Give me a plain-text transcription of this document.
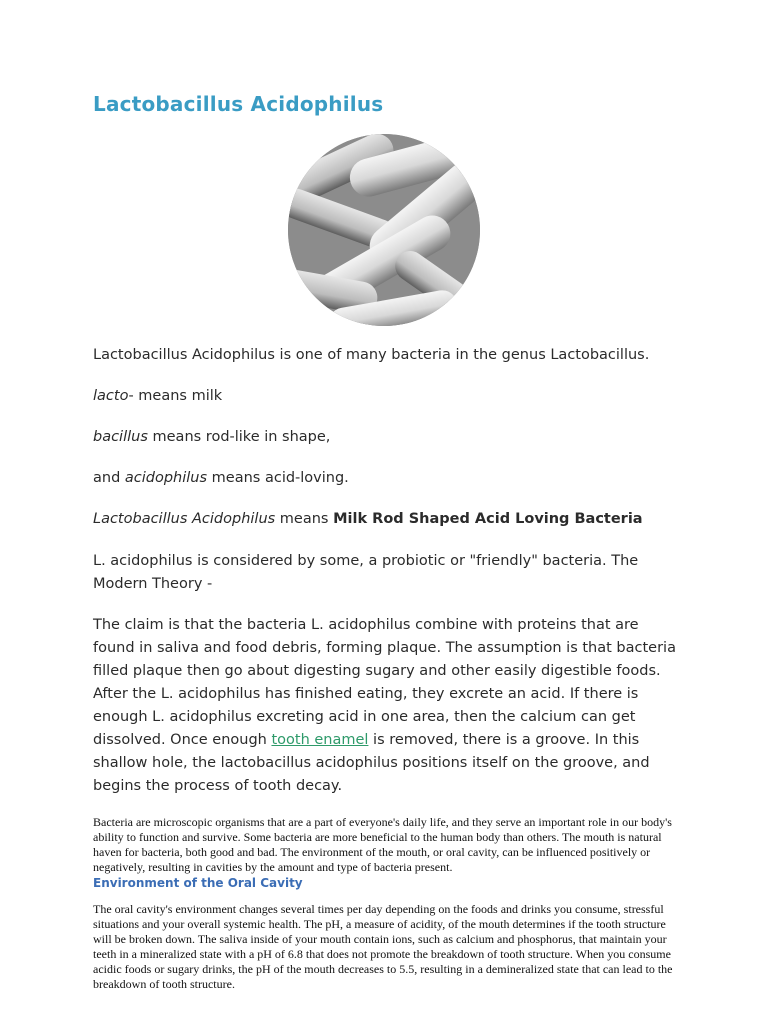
Lactobacillus Acidophilus

Lactobacillus Acidophilus is one of many bacteria in the genus Lactobacillus.

lacto- means milk

bacillus means rod-like in shape,

and acidophilus means acid-loving.

Lactobacillus Acidophilus means Milk Rod Shaped Acid Loving Bacteria

L. acidophilus is considered by some, a probiotic or "friendly" bacteria. The Modern Theory -

The claim is that the bacteria L. acidophilus combine with proteins that are found in saliva and food debris, forming plaque. The assumption is that bacteria filled plaque then go about digesting sugary and other easily digestible foods. After the L. acidophilus has finished eating, they excrete an acid. If there is enough L. acidophilus excreting acid in one area, then the calcium can get dissolved. Once enough tooth enamel is removed, there is a groove. In this shallow hole, the lactobacillus acidophilus positions itself on the groove, and begins the process of tooth decay.

Bacteria are microscopic organisms that are a part of everyone's daily life, and they serve an important role in our body's ability to function and survive. Some bacteria are more beneficial to the human body than others. The mouth is natural haven for bacteria, both good and bad. The environment of the mouth, or oral cavity, can be influenced positively or negatively, resulting in cavities by the amount and type of bacteria present.

Environment of the Oral Cavity

The oral cavity's environment changes several times per day depending on the foods and drinks you consume, stressful situations and your overall systemic health. The pH, a measure of acidity, of the mouth determines if the tooth structure will be broken down. The saliva inside of your mouth contain ions, such as calcium and phosphorus, that maintain your teeth in a mineralized state with a pH of 6.8 that does not promote the breakdown of tooth structure. When you consume acidic foods or sugary drinks, the pH of the mouth decreases to 5.5, resulting in a demineralized state that can lead to the breakdown of tooth structure.
